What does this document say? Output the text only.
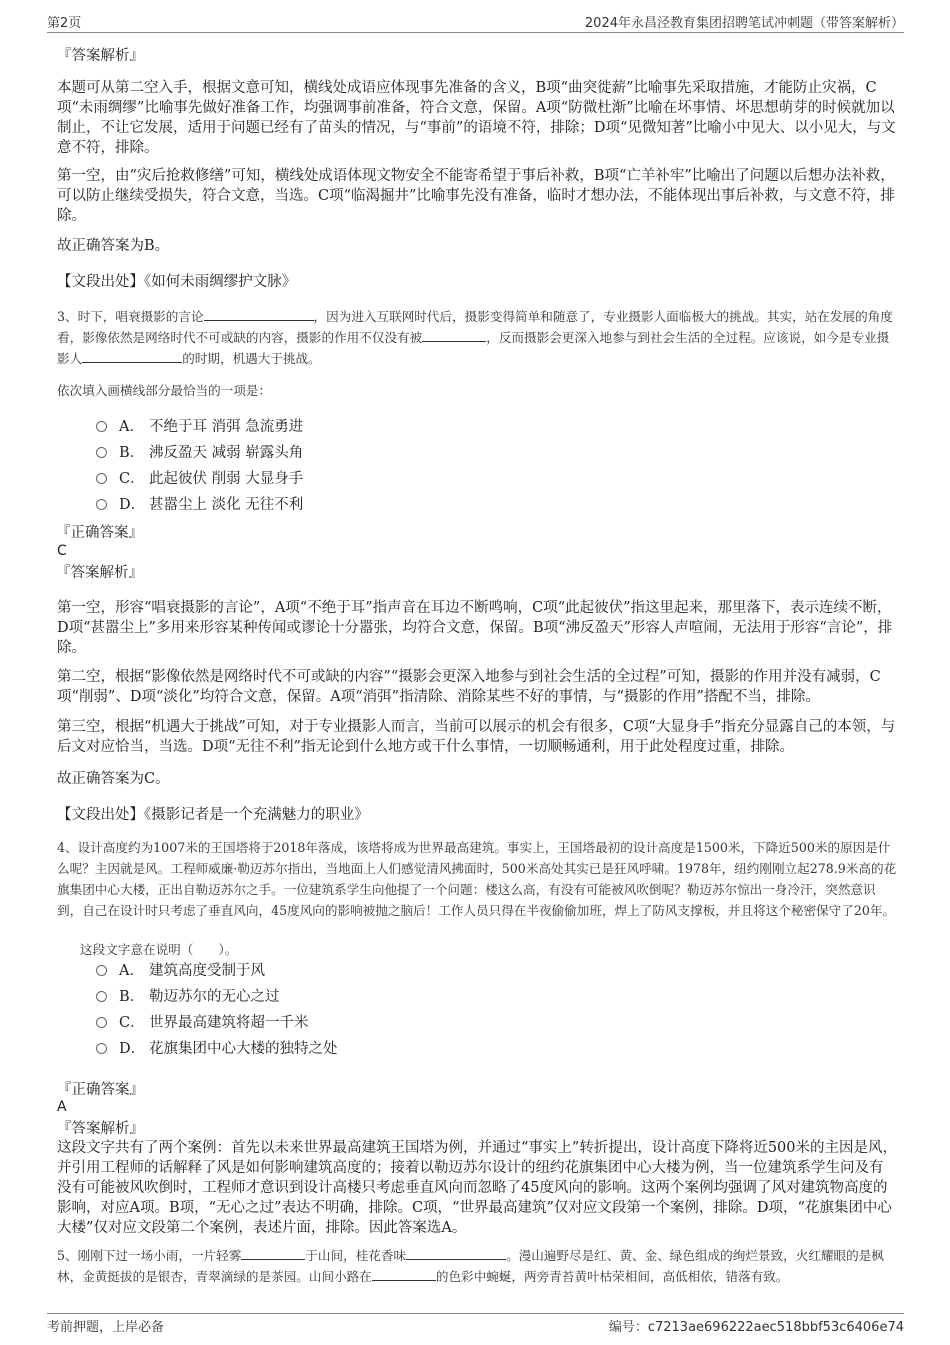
第2页	2024年永昌泾教育集团招聘笔试冲刺题（带答案解析）
『答案解析』
本题可从第二空入手，根据文意可知，横线处成语应体现事先准备的含义，B项“曲突徙薪”比喻事先采取措施，才能防止灾祸，C项“未雨绸缪”比喻事先做好准备工作，均强调事前准备，符合文意，保留。A项“防微杜渐”比喻在坏事情、坏思想萌芽的时候就加以制止，不让它发展，适用于问题已经有了苗头的情况，与“事前”的语境不符，排除；D项“见微知著”比喻小中见大、以小见大，与文意不符，排除。
第一空，由“灾后抢救修缮”可知，横线处成语体现文物安全不能寄希望于事后补救，B项“亡羊补牢”比喻出了问题以后想办法补救，可以防止继续受损失，符合文意，当选。C项“临渴掘井”比喻事先没有准备，临时才想办法，不能体现出事后补救，与文意不符，排除。
故正确答案为B。
【文段出处】《如何未雨绸缪护文脉》
3、时下，唱衰摄影的言论	，因为进入互联网时代后，摄影变得简单和随意了，专业摄影人面临极大的挑战。其实，站在发展的角度看，影像依然是网络时代不可或缺的内容，摄影的作用不仅没有被	，反而摄影会更深入地参与到社会生活的全过程。应该说，如今是专业摄影人	的时期，机遇大于挑战。
依次填入画横线部分最恰当的一项是：
A． 不绝于耳 消弭 急流勇进
B． 沸反盈天 减弱 崭露头角
C． 此起彼伏 削弱 大显身手
D． 甚嚣尘上 淡化 无往不利
『正确答案』
C
『答案解析』
第一空，形容“唱衰摄影的言论”，A项“不绝于耳”指声音在耳边不断鸣响，C项“此起彼伏”指这里起来，那里落下，表示连续不断，D项“甚嚣尘上”多用来形容某种传闻或谬论十分嚣张，均符合文意，保留。B项“沸反盈天”形容人声喧闹，无法用于形容“言论”，排除。
第二空，根据“影像依然是网络时代不可或缺的内容”“摄影会更深入地参与到社会生活的全过程”可知，摄影的作用并没有减弱，C项“削弱”、D项“淡化”均符合文意，保留。A项“消弭”指清除、消除某些不好的事情，与“摄影的作用”搭配不当，排除。
第三空，根据“机遇大于挑战”可知，对于专业摄影人而言，当前可以展示的机会有很多，C项“大显身手”指充分显露自己的本领，与后文对应恰当，当选。D项“无往不利”指无论到什么地方或干什么事情，一切顺畅通利，用于此处程度过重，排除。
故正确答案为C。
【文段出处】《摄影记者是一个充满魅力的职业》
4、设计高度约为1007米的王国塔将于2018年落成，该塔将成为世界最高建筑。事实上，王国塔最初的设计高度是1500米，下降近500米的原因是什么呢？主因就是风。工程师威廉·勒迈苏尔指出，当地面上人们感觉清风拂面时，500米高处其实已是狂风呼啸。1978年，纽约刚刚立起278.9米高的花旗集团中心大楼，正出自勒迈苏尔之手。一位建筑系学生向他提了一个问题：楼这么高，有没有可能被风吹倒呢？勒迈苏尔惊出一身冷汗，突然意识到，自己在设计时只考虑了垂直风向，45度风向的影响被抛之脑后！工作人员只得在半夜偷偷加班，焊上了防风支撑板，并且将这个秘密保守了20年。
这段文字意在说明（　　）。
A． 建筑高度受制于风
B． 勒迈苏尔的无心之过
C． 世界最高建筑将超一千米
D． 花旗集团中心大楼的独特之处
『正确答案』
A
『答案解析』
这段文字共有了两个案例：首先以未来世界最高建筑王国塔为例，并通过“事实上”转折提出，设计高度下降将近500米的主因是风，并引用工程师的话解释了风是如何影响建筑高度的；接着以勒迈苏尔设计的纽约花旗集团中心大楼为例，当一位建筑系学生问及有没有可能被风吹倒时，工程师才意识到设计高楼只考虑垂直风向而忽略了45度风向的影响。这两个案例均强调了风对建筑物高度的影响，对应A项。B项，“无心之过”表达不明确，排除。C项，“世界最高建筑”仅对应文段第一个案例，排除。D项，“花旗集团中心大楼”仅对应文段第二个案例，表述片面，排除。因此答案选A。
5、刚刚下过一场小雨，一片轻雾	于山间，桂花香味	。漫山遍野尽是红、黄、金、绿色组成的绚烂景致，火红耀眼的是枫林，金黄挺拔的是银杏，青翠滴绿的是茶园。山间小路在	的色彩中蜿蜒，两旁青苔黄叶枯荣相间，高低相依，错落有致。
考前押题，上岸必备	编号：c7213ae696222aec518bbf53c6406e74
